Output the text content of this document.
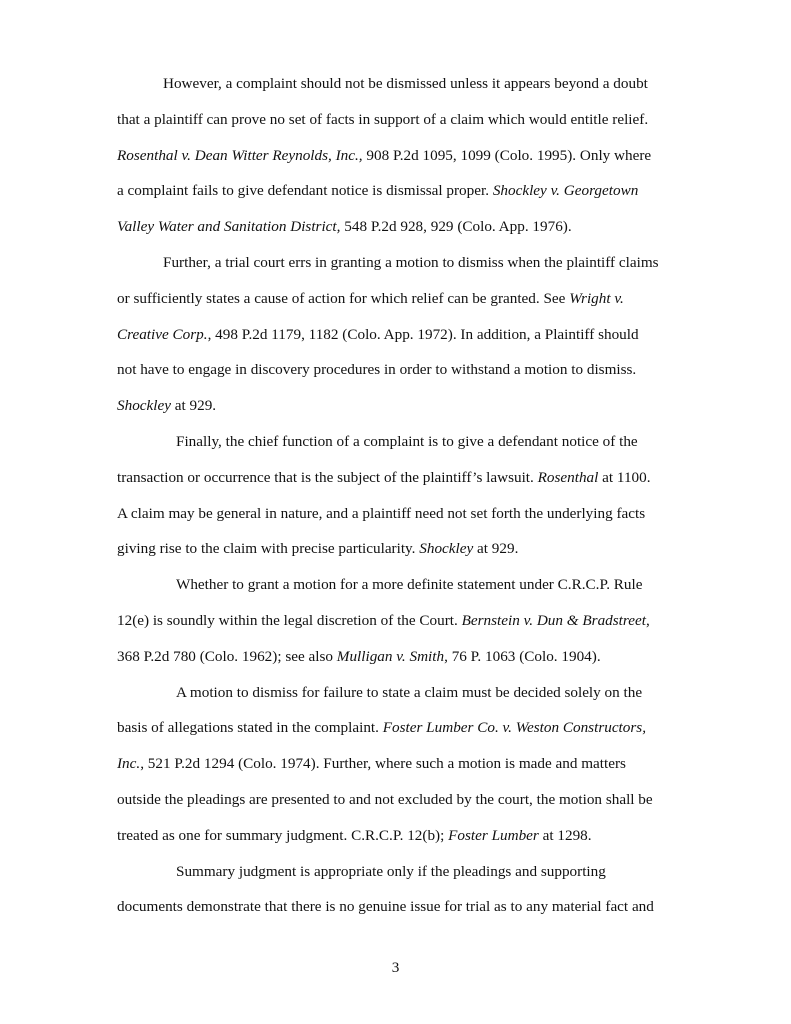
However, a complaint should not be dismissed unless it appears beyond a doubt
that a plaintiff can prove no set of facts in support of a claim which would entitle relief.
Rosenthal v. Dean Witter Reynolds, Inc., 908 P.2d 1095, 1099 (Colo. 1995). Only where
a complaint fails to give defendant notice is dismissal proper. Shockley v. Georgetown
Valley Water and Sanitation District, 548 P.2d 928, 929 (Colo. App. 1976).
Further, a trial court errs in granting a motion to dismiss when the plaintiff claims
or sufficiently states a cause of action for which relief can be granted. See Wright v.
Creative Corp., 498 P.2d 1179, 1182 (Colo. App. 1972). In addition, a Plaintiff should
not have to engage in discovery procedures in order to withstand a motion to dismiss.
Shockley at 929.
Finally, the chief function of a complaint is to give a defendant notice of the
transaction or occurrence that is the subject of the plaintiff’s lawsuit. Rosenthal at 1100.
A claim may be general in nature, and a plaintiff need not set forth the underlying facts
giving rise to the claim with precise particularity. Shockley at 929.
Whether to grant a motion for a more definite statement under C.R.C.P. Rule
12(e) is soundly within the legal discretion of the Court. Bernstein v. Dun & Bradstreet,
368 P.2d 780 (Colo. 1962); see also Mulligan v. Smith, 76 P. 1063 (Colo. 1904).
A motion to dismiss for failure to state a claim must be decided solely on the
basis of allegations stated in the complaint. Foster Lumber Co. v. Weston Constructors,
Inc., 521 P.2d 1294 (Colo. 1974). Further, where such a motion is made and matters
outside the pleadings are presented to and not excluded by the court, the motion shall be
treated as one for summary judgment. C.R.C.P. 12(b); Foster Lumber at 1298.
Summary judgment is appropriate only if the pleadings and supporting
documents demonstrate that there is no genuine issue for trial as to any material fact and
3
